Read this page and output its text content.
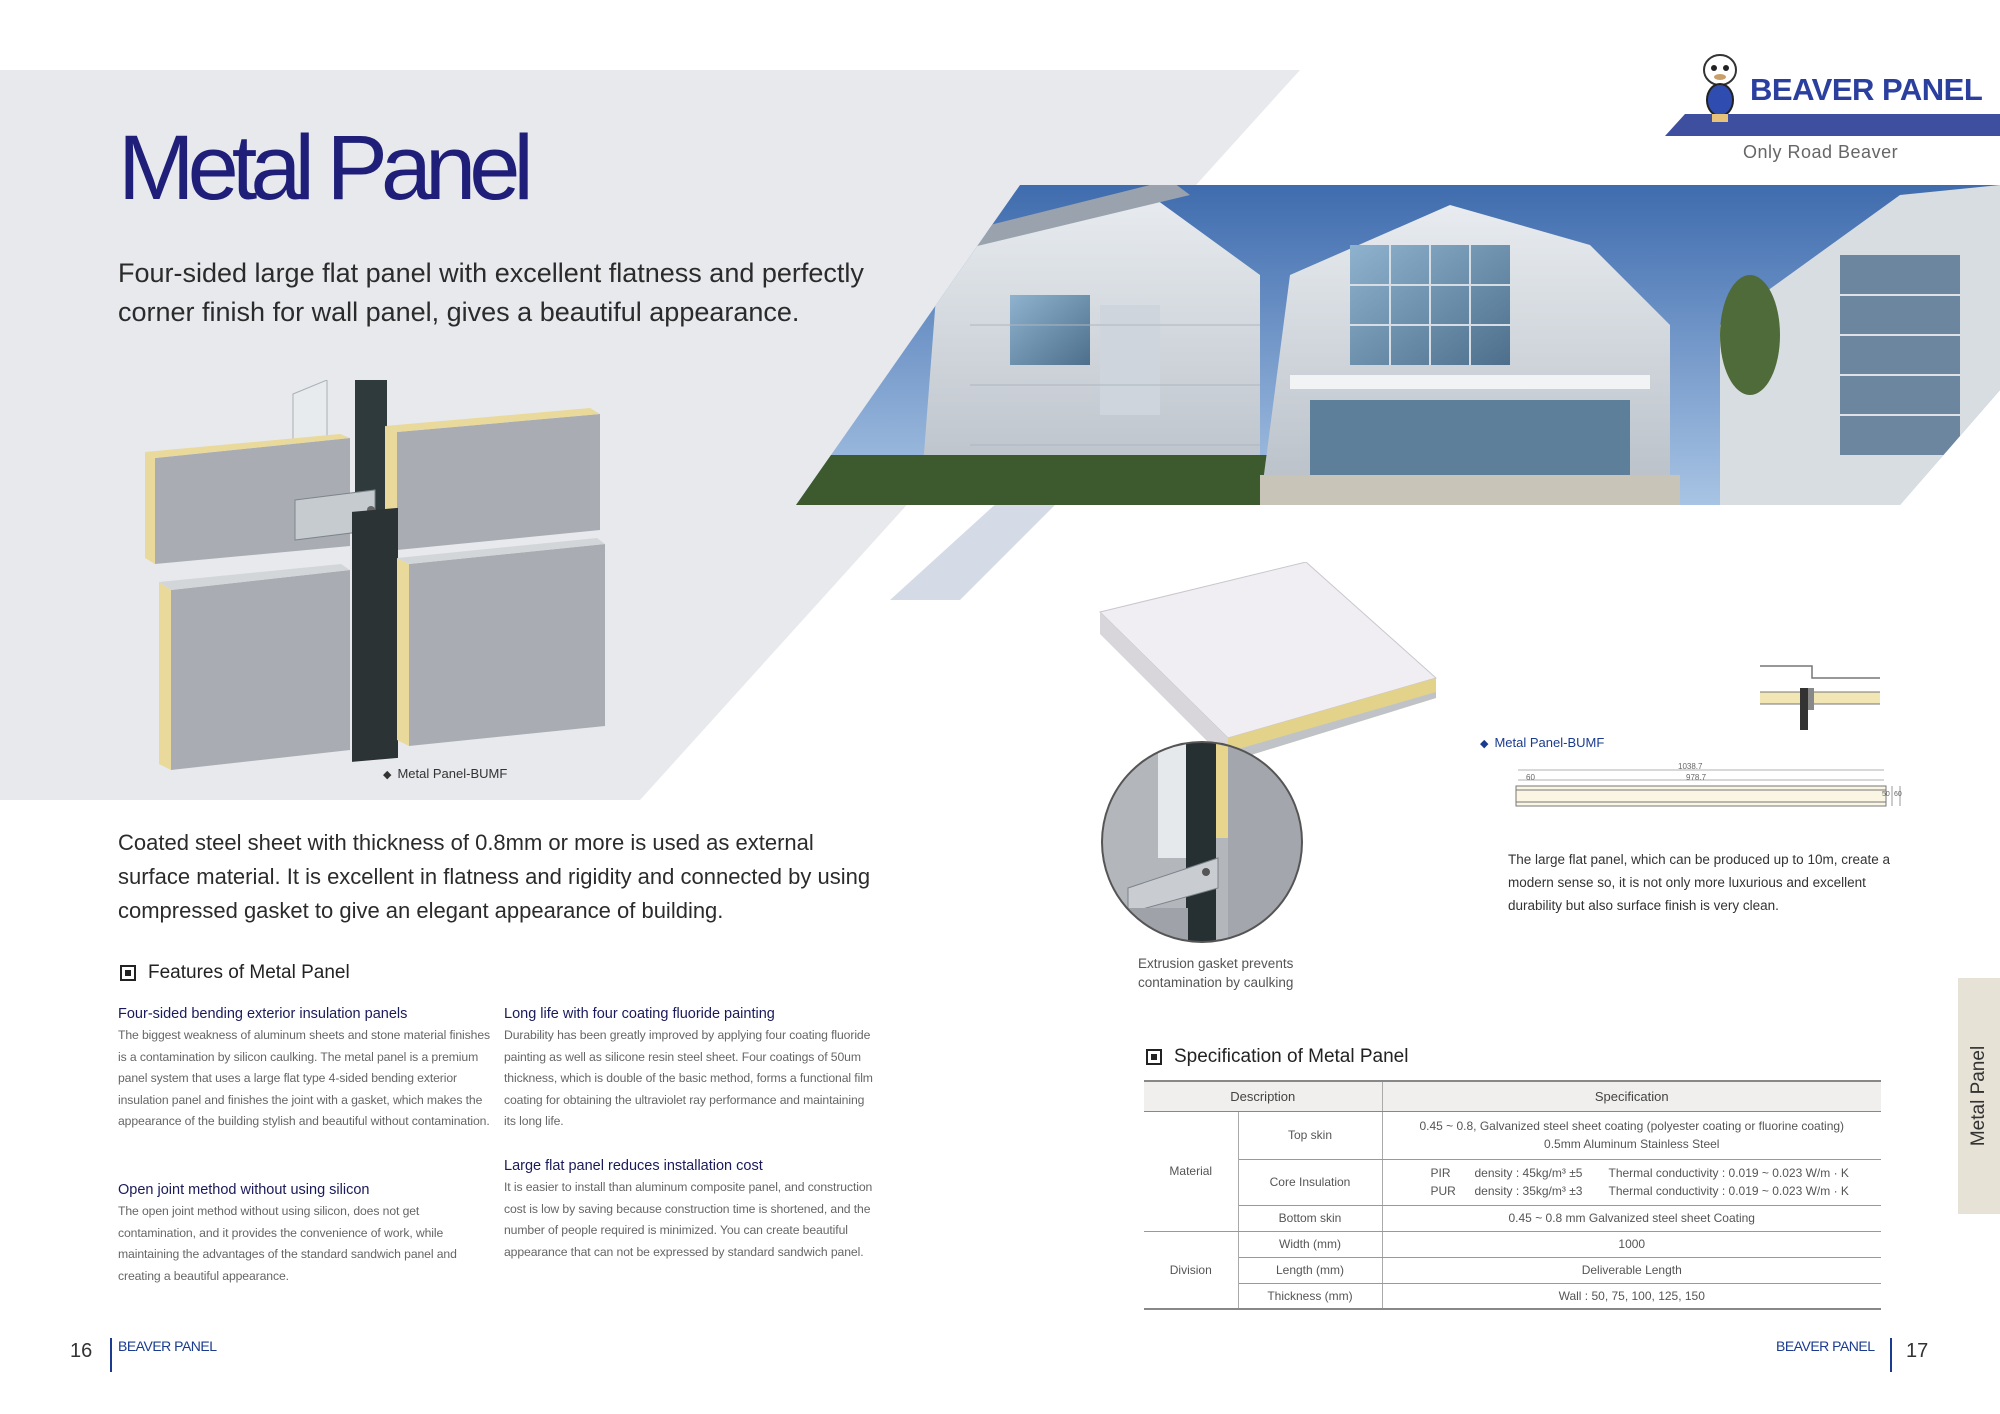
Metal Panel

Four-sided large flat panel with excellent flatness and perfectly corner finish for wall panel, gives a beautiful appearance.

BEAVER PANEL
Only Road Beaver
◆ Metal Panel-BUMF
Extrusion gasket prevents contamination by caulking
◆ Metal Panel-BUMF
1038.7
60	978.7
50 60

The large flat panel, which can be produced up to 10m, create a modern sense so, it is not only more luxurious and excellent durability but also surface finish is very clean.

Coated steel sheet with thickness of 0.8mm or more is used as external surface material. It is excellent in flatness and rigidity and connected by using compressed gasket to give an elegant appearance of building.

Features of Metal Panel
Four-sided bending exterior insulation panels

The biggest weakness of aluminum sheets and stone material finishes is a contamination by silicon caulking. The metal panel is a premium panel system that uses a large flat type 4-sided bending exterior insulation panel and finishes the joint with a gasket, which makes the appearance of the building stylish and beautiful without contamination.

Open joint method without using silicon

The open joint method without using silicon, does not get contamination, and it provides the convenience of work, while maintaining the advantages of the standard sandwich panel and creating a beautiful appearance.

Long life with four coating fluoride painting

Durability has been greatly improved by applying four coating fluoride painting as well as silicone resin steel sheet. Four coatings of 50um thickness, which is double of the basic method, forms a functional film coating for obtaining the ultraviolet ray performance and maintaining its long life.

Large flat panel reduces installation cost

It is easier to install than aluminum composite panel, and construction cost is low by saving because construction time is shortened, and the number of people required is minimized. You can create beautiful appearance that can not be expressed by standard sandwich panel.

Specification of Metal Panel
Description		Specification
Material	Top skin	0.45 ~ 0.8, Galvanized steel sheet coating (polyester coating or fluorine coating)
0.5mm Aluminum Stainless Steel

	Core Insulation	PIR density : 45kg/m³ ±5 Thermal conductivity : 0.019 ~ 0.023 W/m · K
PUR density : 35kg/m³ ±3 Thermal conductivity : 0.019 ~ 0.023 W/m · K

	Bottom skin	0.45 ~ 0.8 mm Galvanized steel sheet Coating
Division	Width (mm)	1000
	Length (mm)	Deliverable Length
	Thickness (mm)	Wall : 50, 75, 100, 125, 150
Metal Panel
16 BEAVER PANEL	BEAVER PANEL 17
